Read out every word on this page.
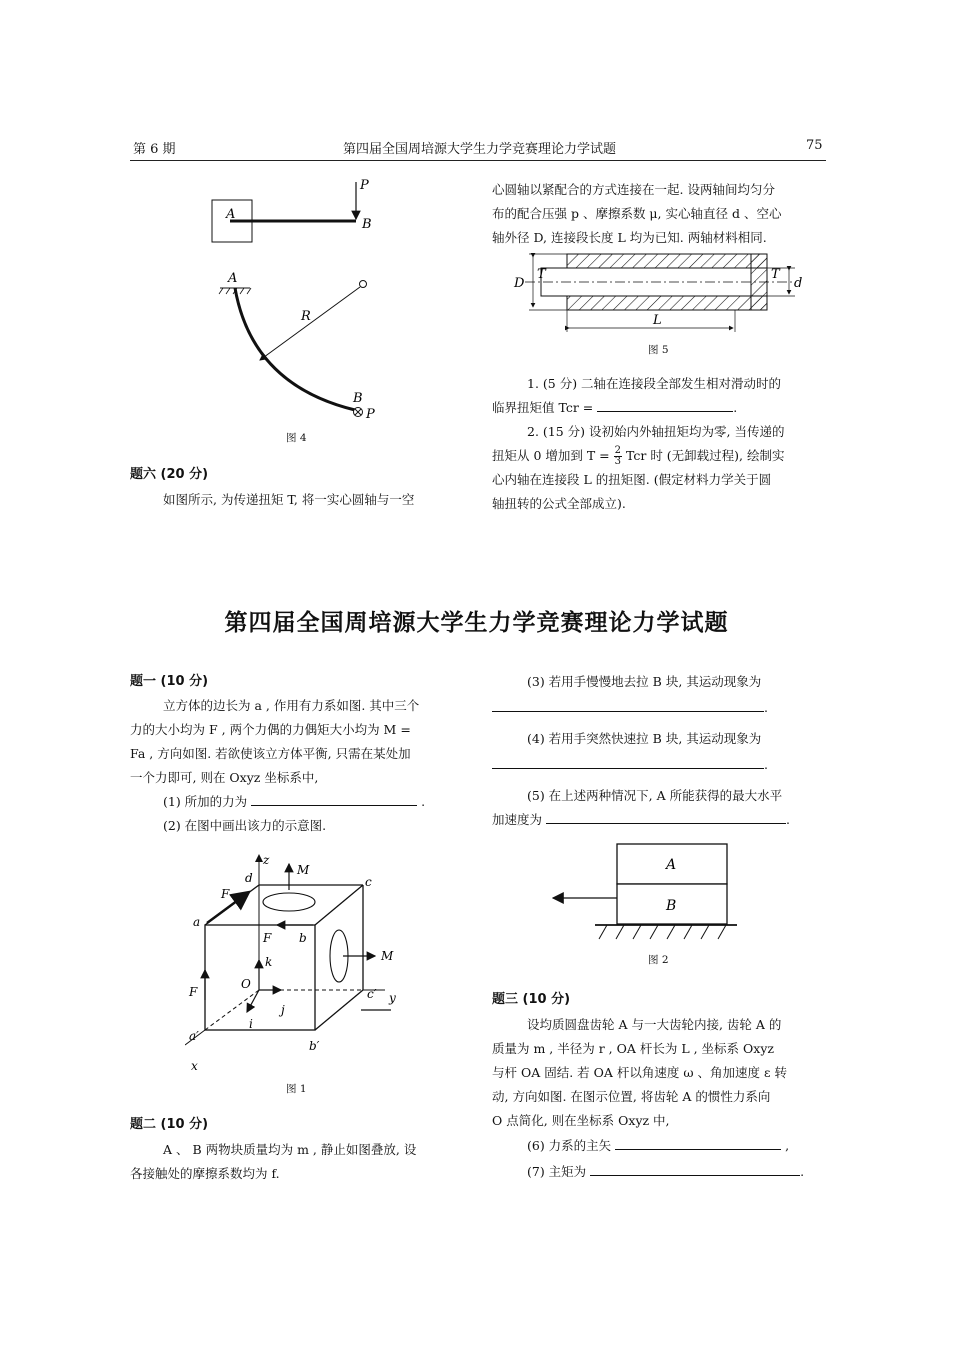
第 6 期	第四届全国周培源大学生力学竞赛理论力学试题	75
A
B
P
R
A
B
P
图 4
题六 (20 分)
如图所示, 为传递扭矩 T, 将一实心圆轴与一空
心圆轴以紧配合的方式连接在一起. 设两轴间均匀分
布的配合压强 p 、摩擦系数 μ, 实心轴直径 d 、空心
轴外径 D, 连接段长度 L 均为已知. 两轴材料相同.
D
T	T
d
L
图 5
1. (5 分) 二轴在连接段全部发生相对滑动时的
临界扭矩值 Tcr =	.
2. (15 分) 设初始内外轴扭矩均为零, 当传递的
扭矩从 0 增加到 $T = \frac{2}{3}$ Tcr 时 (无卸载过程), 绘制实
心内轴在连接段 L 的扭矩图. (假定材料力学关于圆
轴扭转的公式全部成立).
第四届全国周培源大学生力学竞赛理论力学试题
题一 (10 分)
立方体的边长为 a , 作用有力系如图. 其中三个
力的大小均为 F , 两个力偶的力偶矩大小均为 M =
Fa , 方向如图. 若欲使该立方体平衡, 只需在某处加
一个力即可, 则在 Oxyz 坐标系中,
(1) 所加的力为	.
(2) 在图中画出该力的示意图.
z
M
d	c
F
a
F b
k	M
F
O
c′ y
j
i
a′
b′
x
图 1
题二 (10 分)
A 、 B 两物块质量均为 m , 静止如图叠放, 设
各接触处的摩擦系数均为 f.
(3) 若用手慢慢地去拉 B 块, 其运动现象为
.
(4) 若用手突然快速拉 B 块, 其运动现象为
.
(5) 在上述两种情况下, A 所能获得的最大水平
加速度为	.
A
B
图 2
题三 (10 分)
设均质圆盘齿轮 A 与一大齿轮内接, 齿轮 A 的
质量为 m , 半径为 r , OA 杆长为 L , 坐标系 Oxyz
与杆 OA 固结. 若 OA 杆以角速度 ω 、角加速度 ε 转
动, 方向如图. 在图示位置, 将齿轮 A 的惯性力系向
O 点简化, 则在坐标系 Oxyz 中,
(6) 力系的主矢	,
(7) 主矩为	.
